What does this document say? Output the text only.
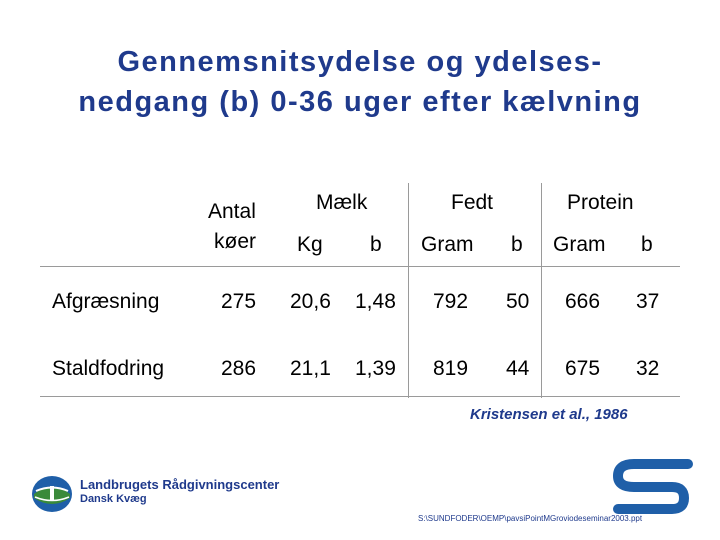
Gennemsnitsydelse og ydelses-
nedgang (b) 0-36 uger efter kælvning
Antal
køer
Mælk	Fedt	Protein
Kg b Gram b Gram b
Afgræsning	275 20,6 1,48 792 50 666 37
Staldfodring	286 21,1 1,39 819 44 675 32
Kristensen et al., 1986
Landbrugets Rådgivningscenter
Dansk Kvæg
S:\SUNDFODER\OEMP\pavsiPointMGroviodeseminar2003.ppt
